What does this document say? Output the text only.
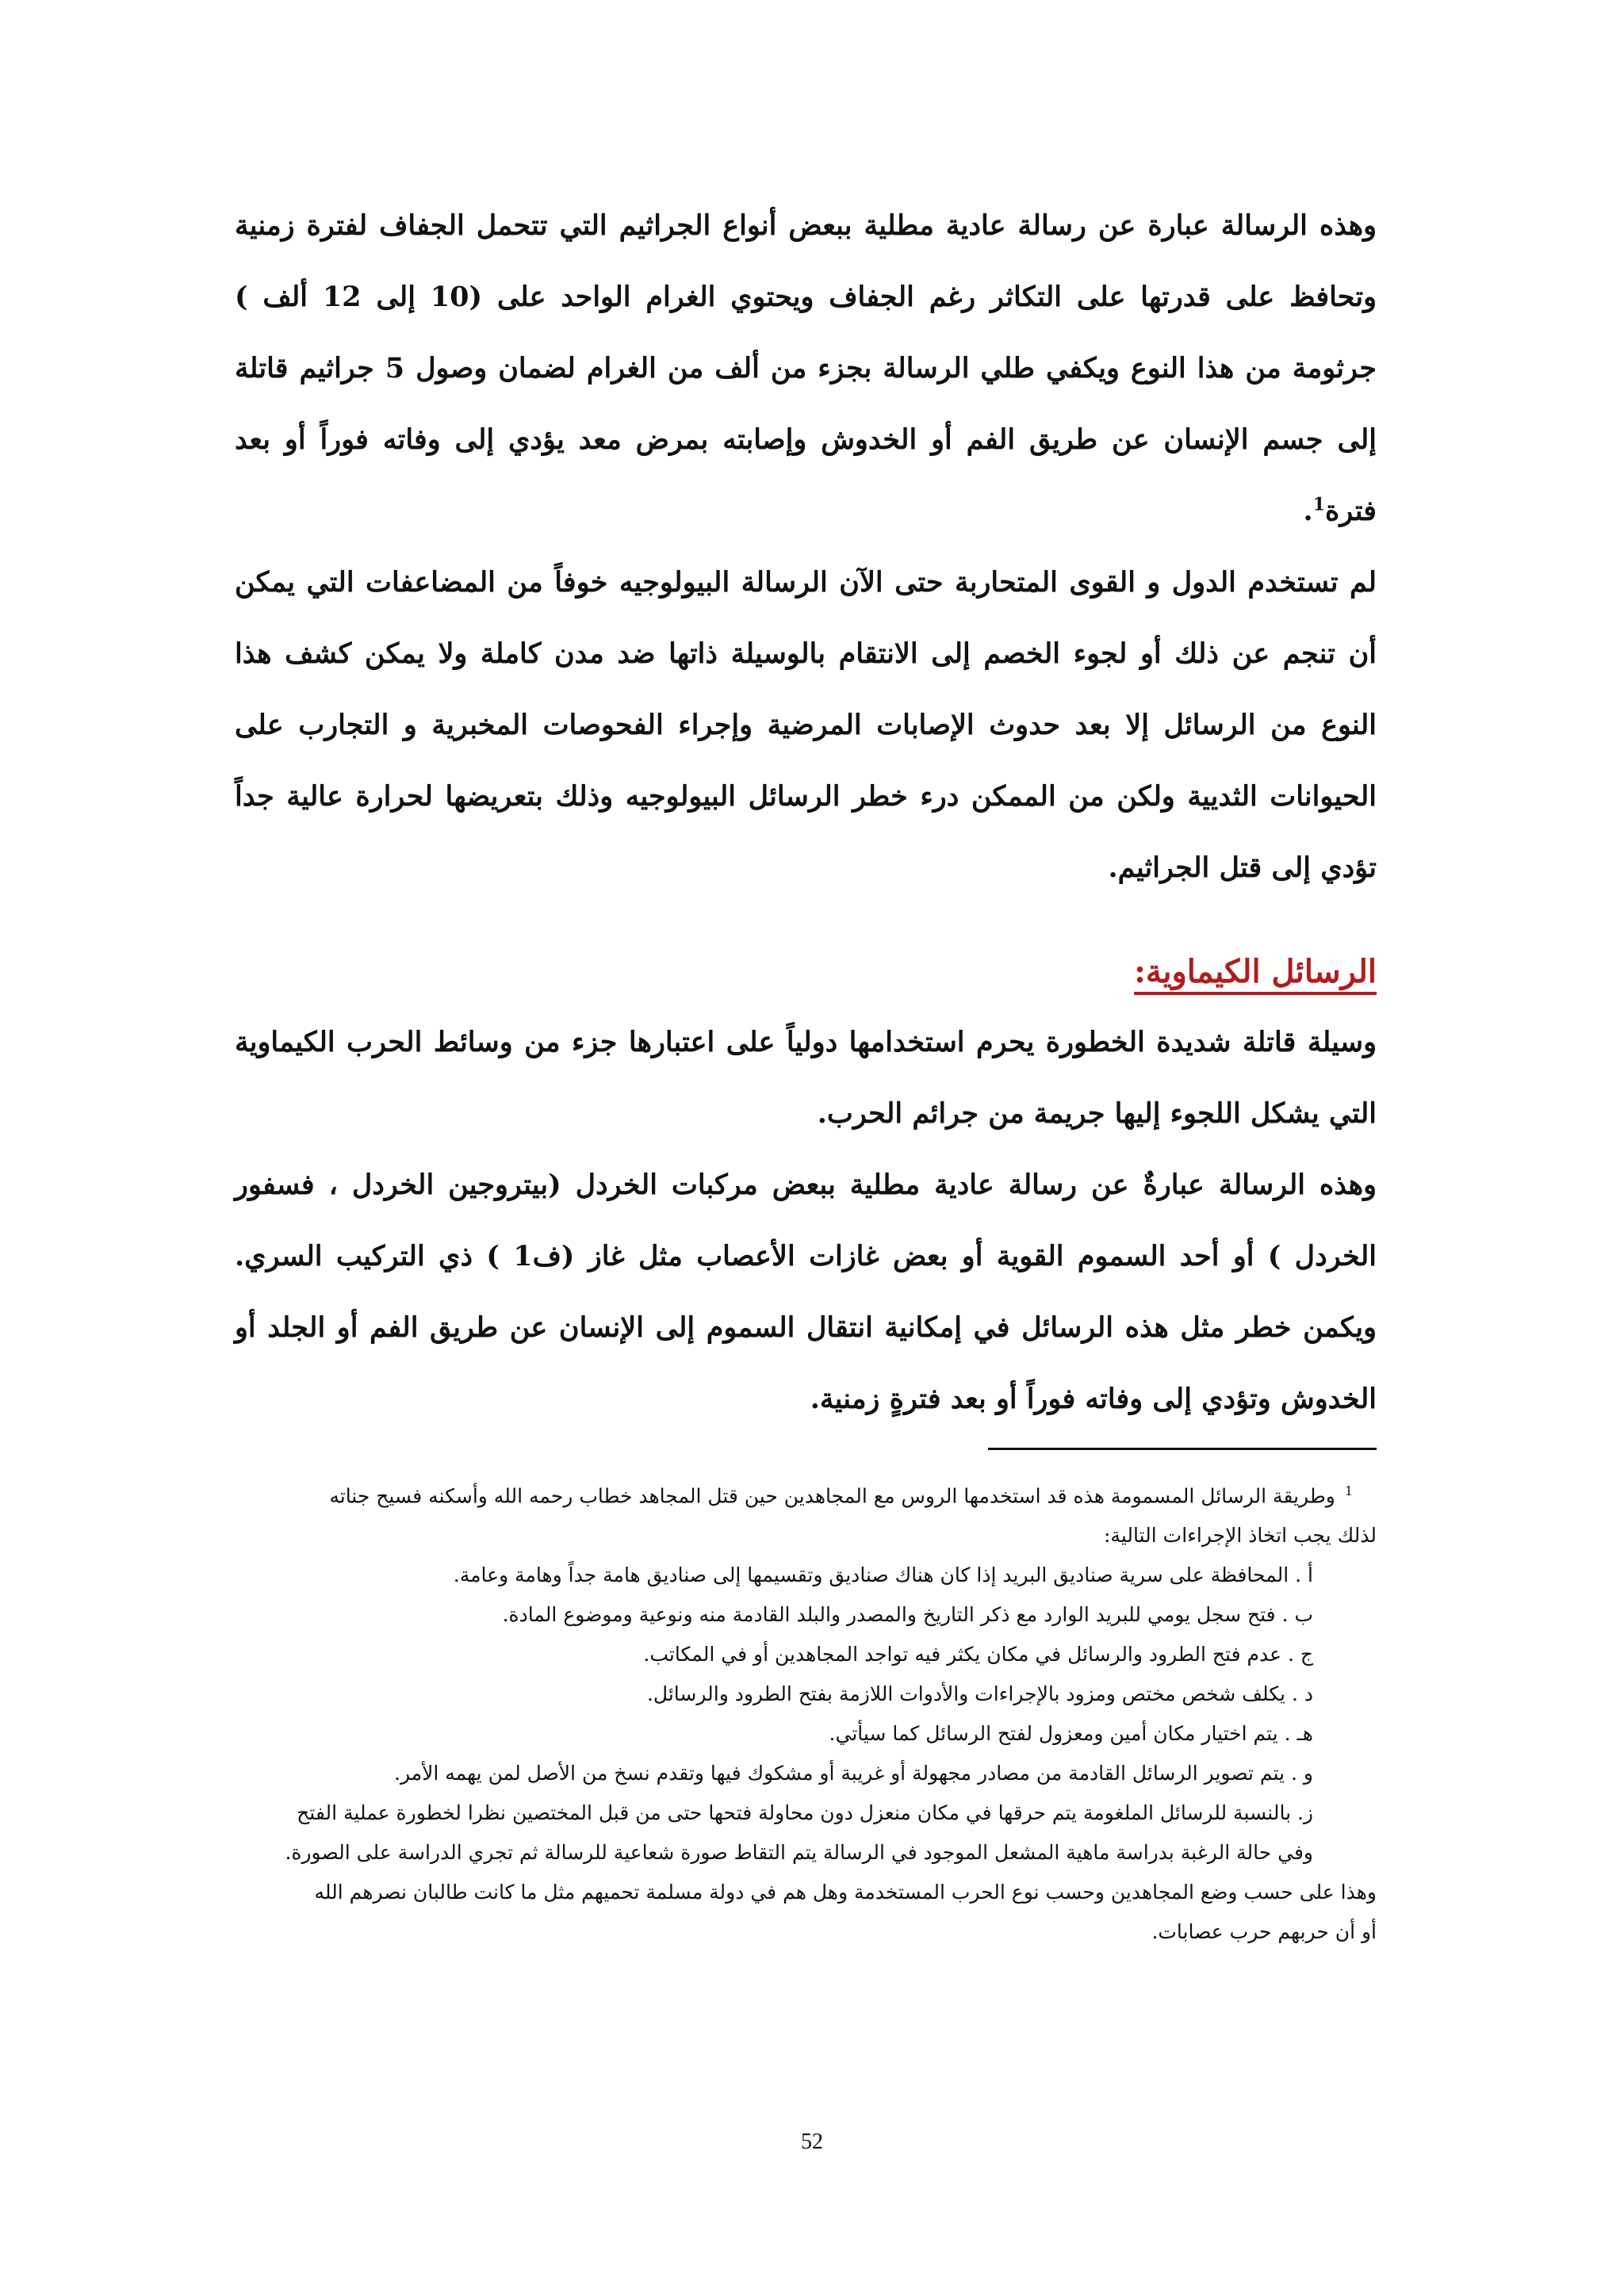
وهذه الرسالة عبارة عن رسالة عادية مطلية ببعض أنواع الجراثيم التي تتحمل الجفاف لفترة زمنية وتحافظ على قدرتها على التكاثر رغم الجفاف ويحتوي الغرام الواحد على (10 إلى 12 ألف ) جرثومة من هذا النوع ويكفي طلي الرسالة بجزء من ألف من الغرام لضمان وصول 5 جراثيم قاتلة إلى جسم الإنسان عن طريق الفم أو الخدوش وإصابته بمرض معد يؤدي إلى وفاته فوراً أو بعد فترة$^1$.

لم تستخدم الدول و القوى المتحاربة حتى الآن الرسالة البيولوجيه خوفاً من المضاعفات التي يمكن أن تنجم عن ذلك أو لجوء الخصم إلى الانتقام بالوسيلة ذاتها ضد مدن كاملة ولا يمكن كشف هذا النوع من الرسائل إلا بعد حدوث الإصابات المرضية وإجراء الفحوصات المخبرية و التجارب على الحيوانات الثديية ولكن من الممكن درء خطر الرسائل البيولوجيه وذلك بتعريضها لحرارة عالية جداً تؤدي إلى قتل الجراثيم.

الرسائل الكيماوية:

وسيلة قاتلة شديدة الخطورة يحرم استخدامها دولياً على اعتبارها جزء من وسائط الحرب الكيماوية التي يشكل اللجوء إليها جريمة من جرائم الحرب.

وهذه الرسالة عبارةٌ عن رسالة عادية مطلية ببعض مركبات الخردل (بيتروجين الخردل ، فسفور الخردل ) أو أحد السموم القوية أو بعض غازات الأعصاب مثل غاز (ف1 ) ذي التركيب السري. ويكمن خطر مثل هذه الرسائل في إمكانية انتقال السموم إلى الإنسان عن طريق الفم أو الجلد أو الخدوش وتؤدي إلى وفاته فوراً أو بعد فترةٍ زمنية.

$^1$وطريقة الرسائل المسمومة هذه قد استخدمها الروس مع المجاهدين حين قتل المجاهد خطاب رحمه الله وأسكنه فسيح جناته
لذلك يجب اتخاذ الإجراءات التالية:
أ . المحافظة على سرية صناديق البريد إذا كان هناك صناديق وتقسيمها إلى صناديق هامة جداً وهامة وعامة.
ب . فتح سجل يومي للبريد الوارد مع ذكر التاريخ والمصدر والبلد القادمة منه ونوعية وموضوع المادة.
ج . عدم فتح الطرود والرسائل في مكان يكثر فيه تواجد المجاهدين أو في المكاتب.
د . يكلف شخص مختص ومزود بالإجراءات والأدوات اللازمة بفتح الطرود والرسائل.
هـ . يتم اختيار مكان أمين ومعزول لفتح الرسائل كما سيأتي.
و . يتم تصوير الرسائل القادمة من مصادر مجهولة أو غريبة أو مشكوك فيها وتقدم نسخ من الأصل لمن يهمه الأمر.
ز. بالنسبة للرسائل الملغومة يتم حرقها في مكان منعزل دون محاولة فتحها حتى من قبل المختصين نظرا لخطورة عملية الفتح
وفي حالة الرغبة بدراسة ماهية المشعل الموجود في الرسالة يتم التقاط صورة شعاعية للرسالة ثم تجري الدراسة على الصورة.
وهذا على حسب وضع المجاهدين وحسب نوع الحرب المستخدمة وهل هم في دولة مسلمة تحميهم مثل ما كانت طالبان نصرهم الله
أو أن حربهم حرب عصابات.
52
